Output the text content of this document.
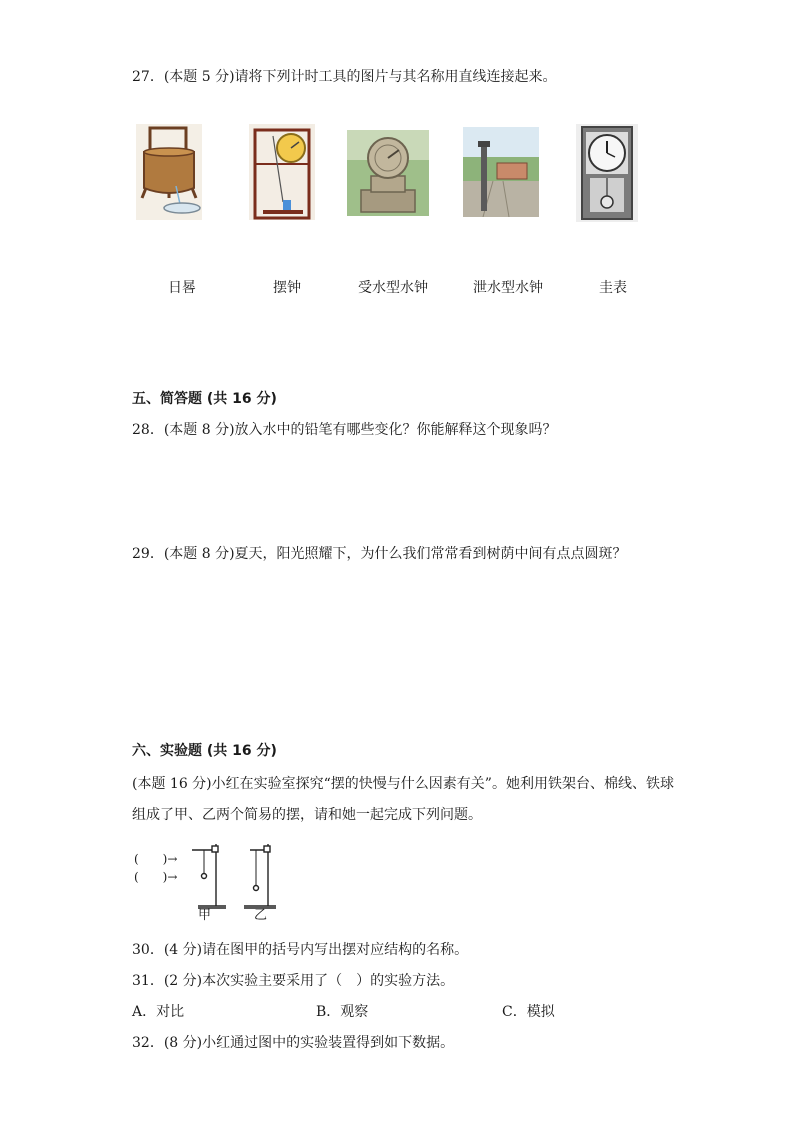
27．(本题 5 分)请将下列计时工具的图片与其名称用直线连接起来。
日晷	摆钟	受水型水钟	泄水型水钟	圭表
五、简答题 (共 16 分)
28．(本题 8 分)放入水中的铅笔有哪些变化？你能解释这个现象吗？
29．(本题 8 分)夏天，阳光照耀下，为什么我们常常看到树荫中间有点点圆斑？
六、实验题 (共 16 分)
(本题 16 分)小红在实验室探究“摆的快慢与什么因素有关”。她利用铁架台、棉线、铁球
组成了甲、乙两个简易的摆，请和她一起完成下列问题。
(　　)→
(　　)→
甲	乙
30．(4 分)请在图甲的括号内写出摆对应结构的名称。
31．(2 分)本次实验主要采用了（　）的实验方法。
A．对比	B．观察	C．模拟
32．(8 分)小红通过图中的实验装置得到如下数据。
